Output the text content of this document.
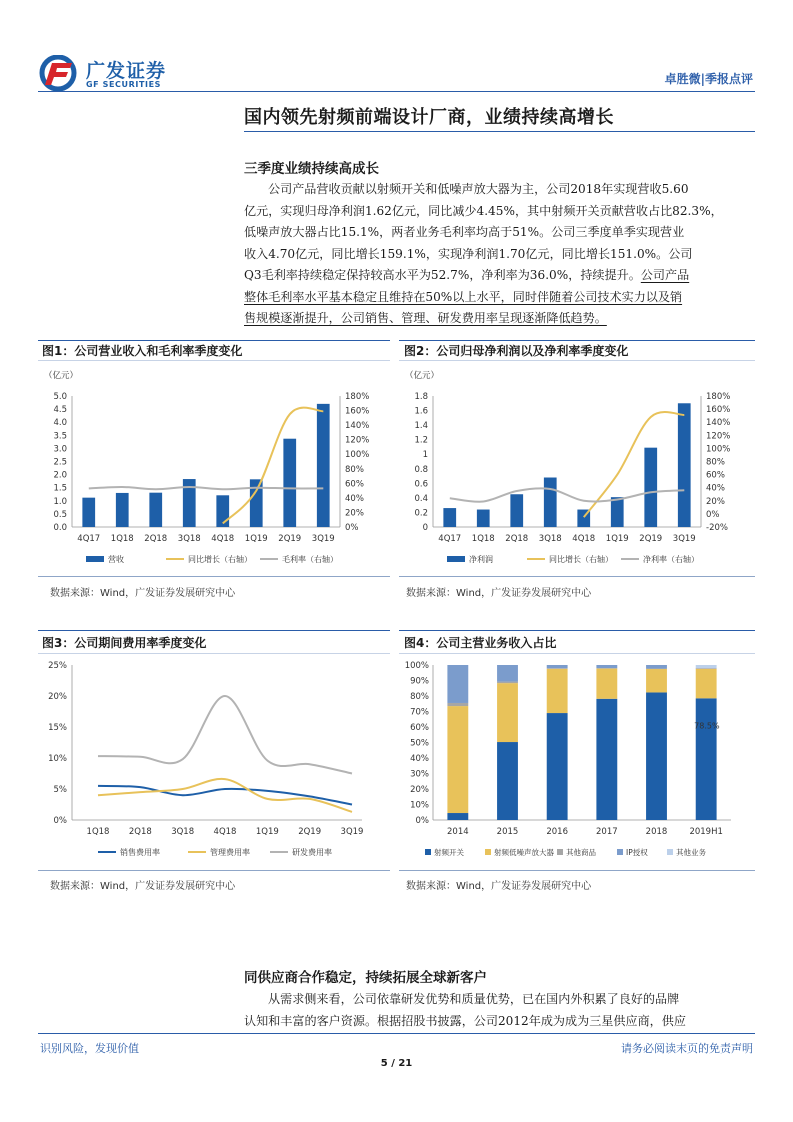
广发证券
GF SECURITIES	卓胜微|季报点评
国内领先射频前端设计厂商，业绩持续高增长
三季度业绩持续高成长
公司产品营收贡献以射频开关和低噪声放大器为主，公司2018年实现营收5.60
亿元，实现归母净利润1.62亿元，同比减少4.45%，其中射频开关贡献营收占比82.3%，
低噪声放大器占比15.1%，两者业务毛利率均高于51%。公司三季度单季实现营业
收入4.70亿元，同比增长159.1%，实现净利润1.70亿元，同比增长151.0%。公司
Q3毛利率持续稳定保持较高水平为52.7%，净利率为36.0%，持续提升。公司产品
整体毛利率水平基本稳定且维持在50%以上水平，同时伴随着公司技术实力以及销
售规模逐渐提升，公司销售、管理、研发费用率呈现逐渐降低趋势。
图1：公司营业收入和毛利率季度变化
（亿元）
5.0
4.5
4.0
3.5
3.0
2.5
2.0
1.5
1.0
0.5
0.0
180%
160%
140%
120%
100%
80%
60%
40%
20%
0%
4Q17 1Q18 2Q18 3Q18 4Q18 1Q19 2Q19 3Q19
营收	同比增长（右轴）	毛利率（右轴）
数据来源：Wind，广发证券发展研究中心
图2：公司归母净利润以及净利率季度变化
（亿元）
1.8
1.6
1.4
1.2
1
0.8
0.6
0.4
0.2
0
180%
160%
140%
120%
100%
80%
60%
40%
20%
0%
-20%
4Q17 1Q18 2Q18 3Q18 4Q18 1Q19 2Q19 3Q19
净利润	同比增长（右轴）	净利率（右轴）
数据来源：Wind，广发证券发展研究中心
图3：公司期间费用率季度变化
25%
20%
15%
10%
5%
0%
1Q18 2Q18 3Q18 4Q18 1Q19 2Q19 3Q19
销售费用率	管理费用率	研发费用率
数据来源：Wind，广发证券发展研究中心
图4：公司主营业务收入占比
100%
90%
80%
70%
60%
50%
40%
30%
20%
10%
0%
2014	2015	2016	2017	2018	2019H1
78.5%
射频开关	射频低噪声放大器 其他商品	IP授权	其他业务
数据来源：Wind，广发证券发展研究中心
同供应商合作稳定，持续拓展全球新客户
从需求侧来看，公司依靠研发优势和质量优势，已在国内外积累了良好的品牌
认知和丰富的客户资源。根据招股书披露，公司2012年成为成为三星供应商，供应
识别风险，发现价值	请务必阅读末页的免责声明
5 / 21
